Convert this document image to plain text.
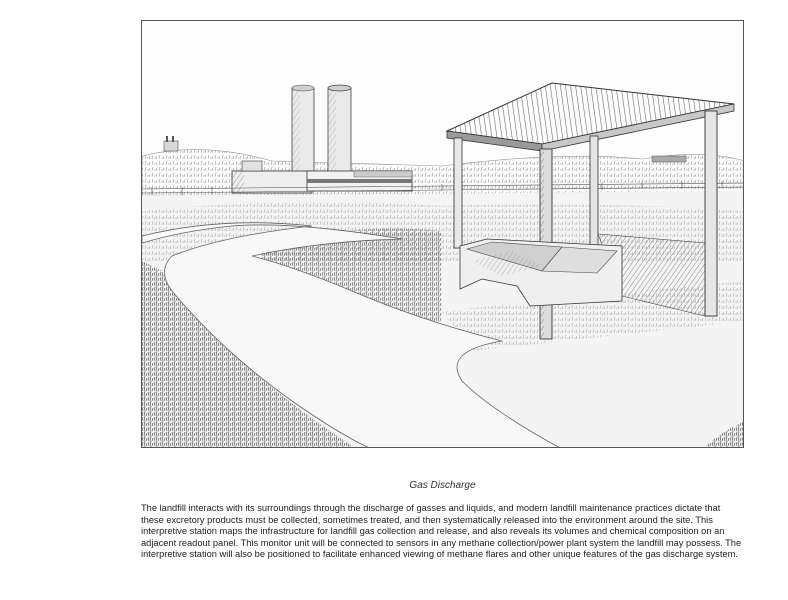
Gas Discharge

The landfill interacts with its surroundings through the discharge of gasses and liquids, and modern landfill maintenance practices dictate that these excretory products must be collected, sometimes treated, and then systematically released into the environment around the site. This interpretive station maps the infrastructure for landfill gas collection and release, and also reveals its volumes and chemical composition on an adjacent readout panel. This monitor unit will be connected to sensors in any methane collection/power plant system the landfill may possess. The interpretive station will also be positioned to facilitate enhanced viewing of methane flares and other unique features of the gas discharge system.
